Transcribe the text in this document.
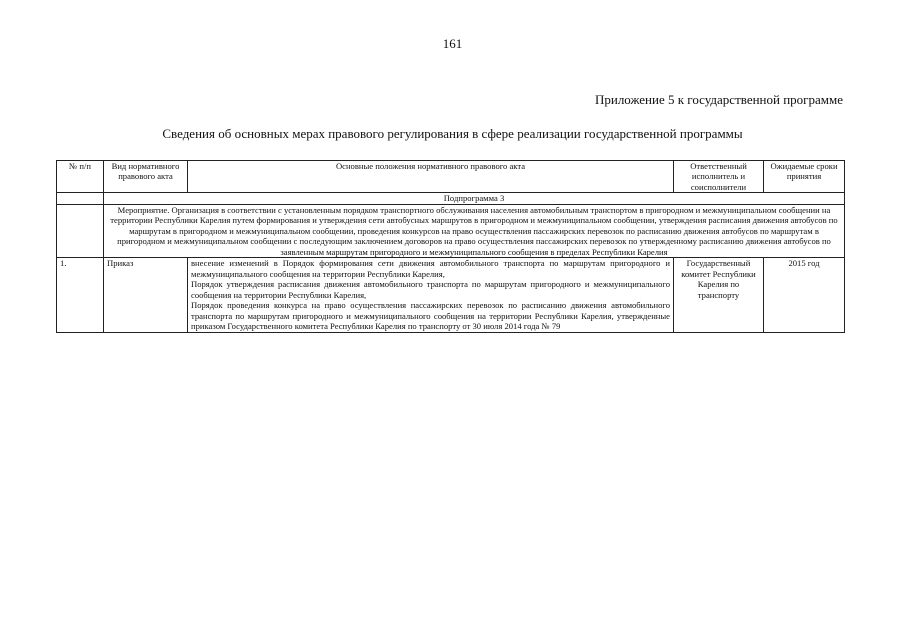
161
Приложение 5 к государственной программе
Сведения об основных мерах правового регулирования в сфере реализации государственной программы
№ п/п	Вид нормативного правового акта	Основные положения нормативного правового акта	Ответственный исполнитель и соисполнители	Ожидаемые сроки принятия
	Подпрограмма 3			
	Мероприятие. Организация в соответствии с установленным порядком транспортного обслуживания населения автомобильным транспортом в пригородном и межмуниципальном сообщении на территории Республики Карелия путем формирования и утверждения сети автобусных маршрутов в пригородном и межмуниципальном сообщении, утверждения расписания движения автобусов по маршрутам в пригородном и межмуниципальном сообщении, проведения конкурсов на право осуществления пассажирских перевозок по расписанию движения автобусов по маршрутам в пригородном и межмуниципальном сообщении с последующим заключением договоров на право осуществления пассажирских перевозок по утвержденному расписанию движения автобусов по заявленным маршрутам пригородного и межмуниципального сообщения в пределах Республики Карелия			
1.	Приказ	внесение изменений в Порядок формирования сети движения автомобильного транспорта по маршрутам пригородного и межмуниципального сообщения на территории Республики Карелия,

Порядок утверждения расписания движения автомобильного транспорта по маршрутам пригородного и межмуниципального сообщения на территории Республики Карелия,

Порядок проведения конкурса на право осуществления пассажирских перевозок по расписанию движения автомобильного транспорта по маршрутам пригородного и межмуниципального сообщения на территории Республики Карелия, утвержденные приказом Государственного комитета Республики Карелия по транспорту от 30 июля 2014 года № 79	Государственный комитет Республики Карелия по транспорту	2015 год
